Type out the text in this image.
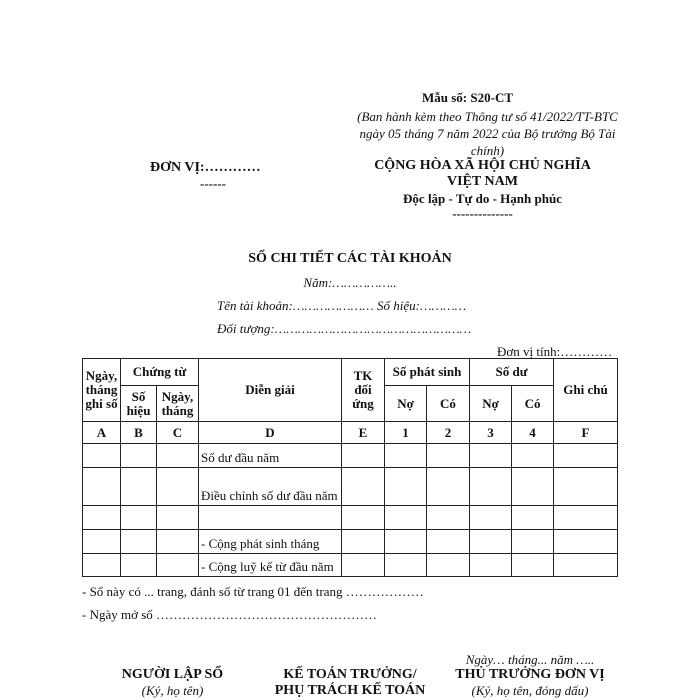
Mẫu số: S20-CT
(Ban hành kèm theo Thông tư số 41/2022/TT-BTC ngày 05 tháng 7 năm 2022 của Bộ trưởng Bộ Tài chính)
ĐƠN VỊ:…………
------
CỘNG HÒA XÃ HỘI CHỦ NGHĨA
VIỆT NAM
Độc lập - Tự do - Hạnh phúc
--------------
SỔ CHI TIẾT CÁC TÀI KHOẢN
Năm:……………..
Tên tài khoản:………………… Số hiệu:…………
Đối tượng:……………………………………………
Đơn vị tính:…………
Ngày, tháng ghi số	Chứng từ		Diễn giải	TK đối ứng	Số phát sinh		Số dư		Ghi chú
	Số hiệu	Ngày, tháng			Nợ	Có	Nợ	Có	
A	B	C	D	E	1	2	3	4	F
			Số dư đầu năm						
			Điều chỉnh số dư đầu năm						

			- Cộng phát sinh tháng						
			- Cộng luỹ kế từ đầu năm						
- Sổ này có ... trang, đánh số từ trang 01 đến trang ………………
- Ngày mở sổ ……………………………………………
Ngày… tháng... năm …..
NGƯỜI LẬP SỔ
(Ký, họ tên)
KẾ TOÁN TRƯỞNG/
PHỤ TRÁCH KẾ TOÁN
THỦ TRƯỞNG ĐƠN VỊ
(Ký, họ tên, đóng dấu)
